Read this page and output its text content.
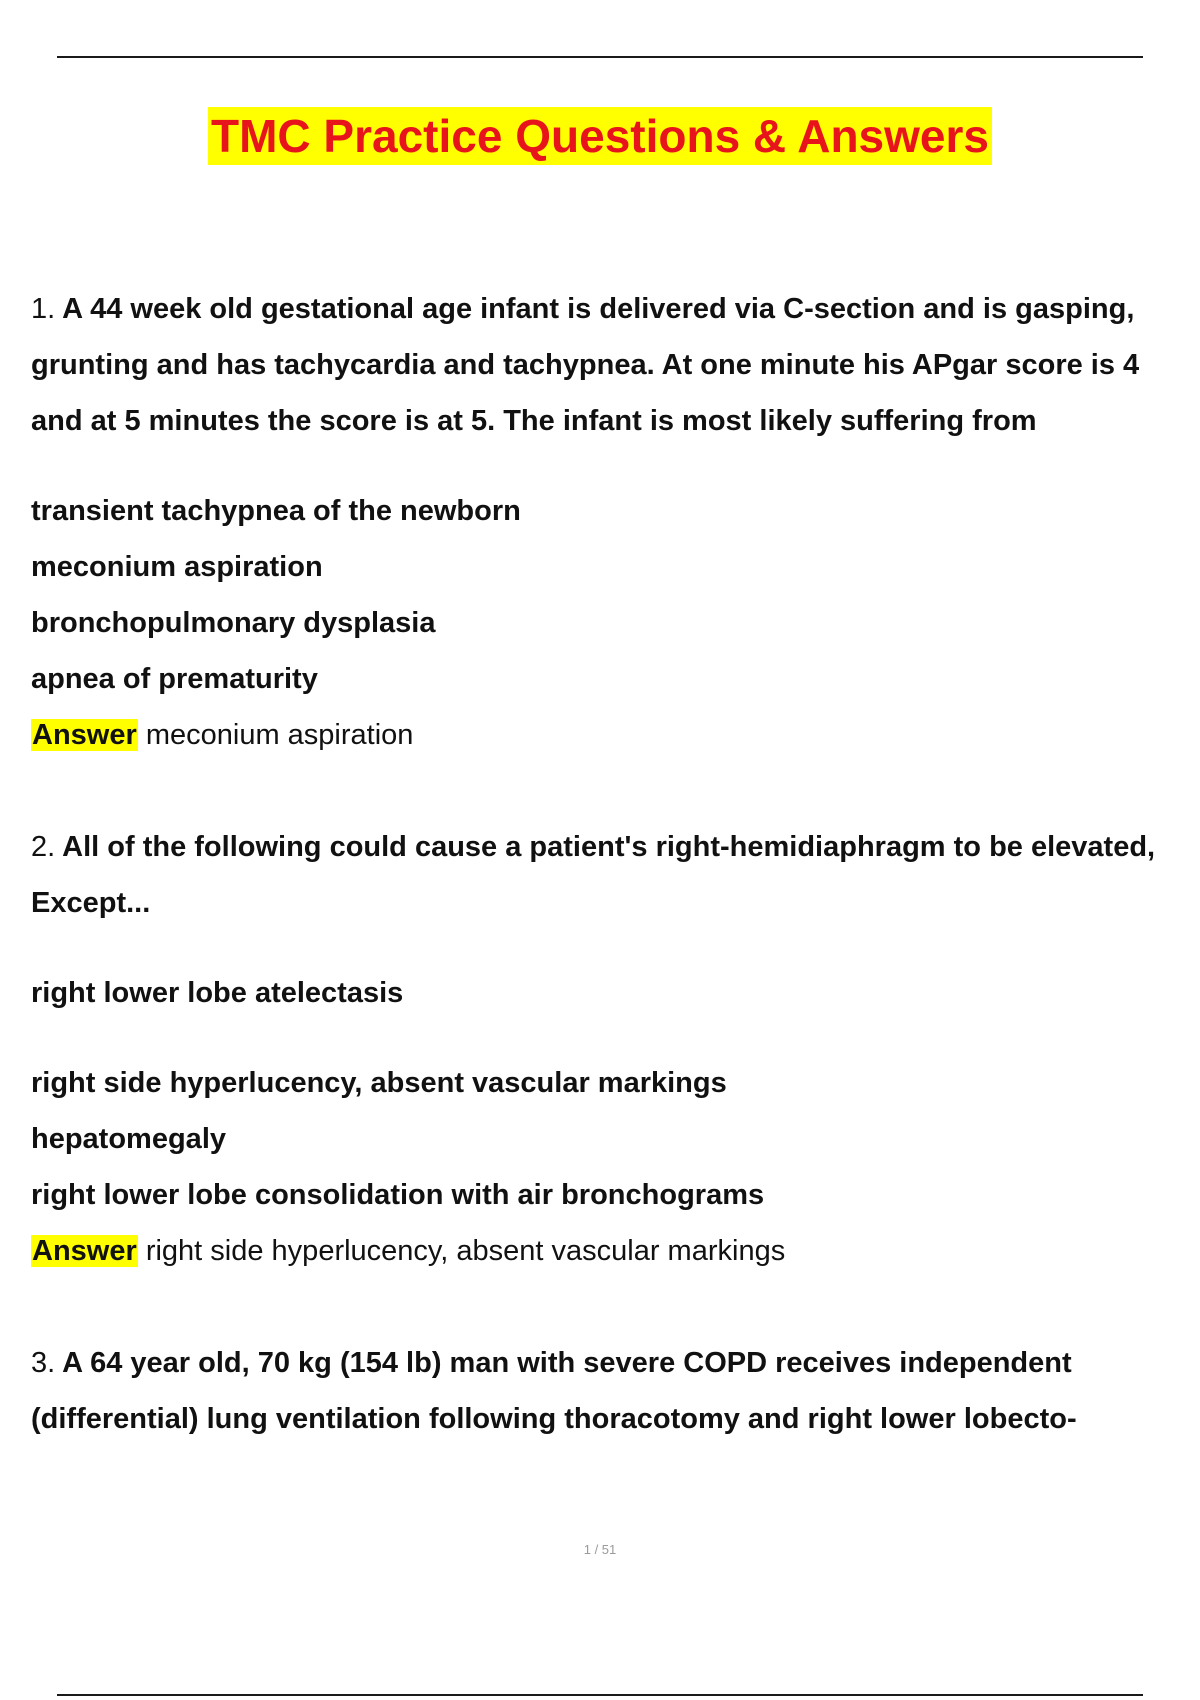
TMC Practice Questions & Answers

1. A 44 week old gestational age infant is delivered via C-section and is gasping, grunting and has tachycardia and tachypnea. At one minute his APgar score is 4 and at 5 minutes the score is at 5. The infant is most likely suffering from

transient tachypnea of the newborn
meconium aspiration
bronchopulmonary dysplasia
apnea of prematurity

Answer meconium aspiration

2. All of the following could cause a patient's right-hemidiaphragm to be elevated, Except...

right lower lobe atelectasis
right side hyperlucency, absent vascular markings
hepatomegaly
right lower lobe consolidation with air bronchograms

Answer right side hyperlucency, absent vascular markings

3. A 64 year old, 70 kg (154 lb) man with severe COPD receives independent (differential) lung ventilation following thoracotomy and right lower lobecto-

1 / 51
